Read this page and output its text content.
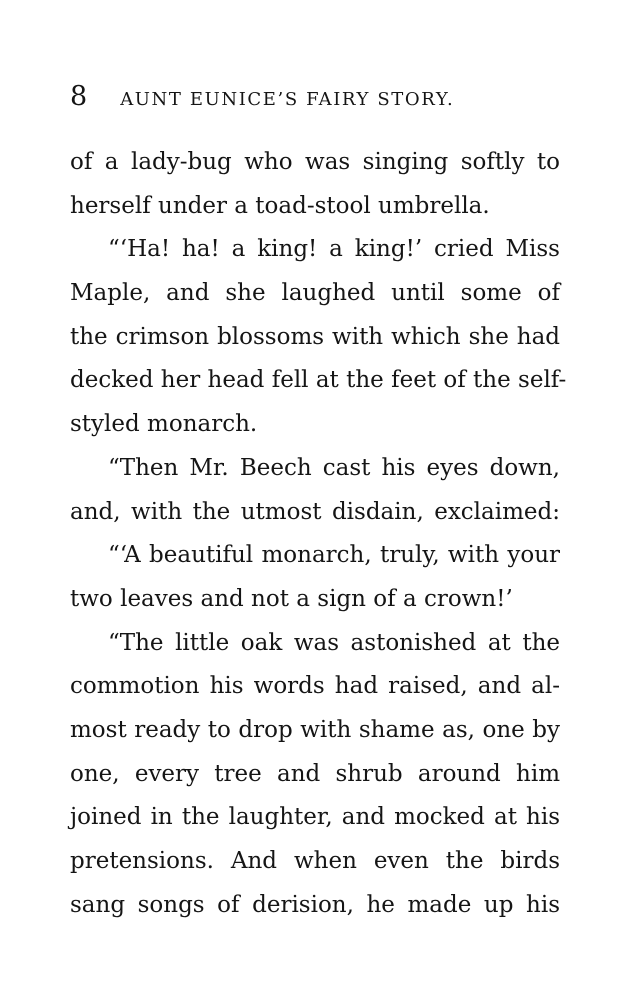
8 AUNT EUNICE’S FAIRY STORY.
of a lady-bug who was singing softly to
herself under a toad-stool umbrella.
“‘Ha! ha! a king! a king!’ cried Miss
Maple, and she laughed until some of
the crimson blossoms with which she had
decked her head fell at the feet of the self-
styled monarch.
“Then Mr. Beech cast his eyes down,
and, with the utmost disdain, exclaimed:
“‘A beautiful monarch, truly, with your
two leaves and not a sign of a crown!’
“The little oak was astonished at the
commotion his words had raised, and al-
most ready to drop with shame as, one by
one, every tree and shrub around him
joined in the laughter, and mocked at his
pretensions. And when even the birds
sang songs of derision, he made up his
